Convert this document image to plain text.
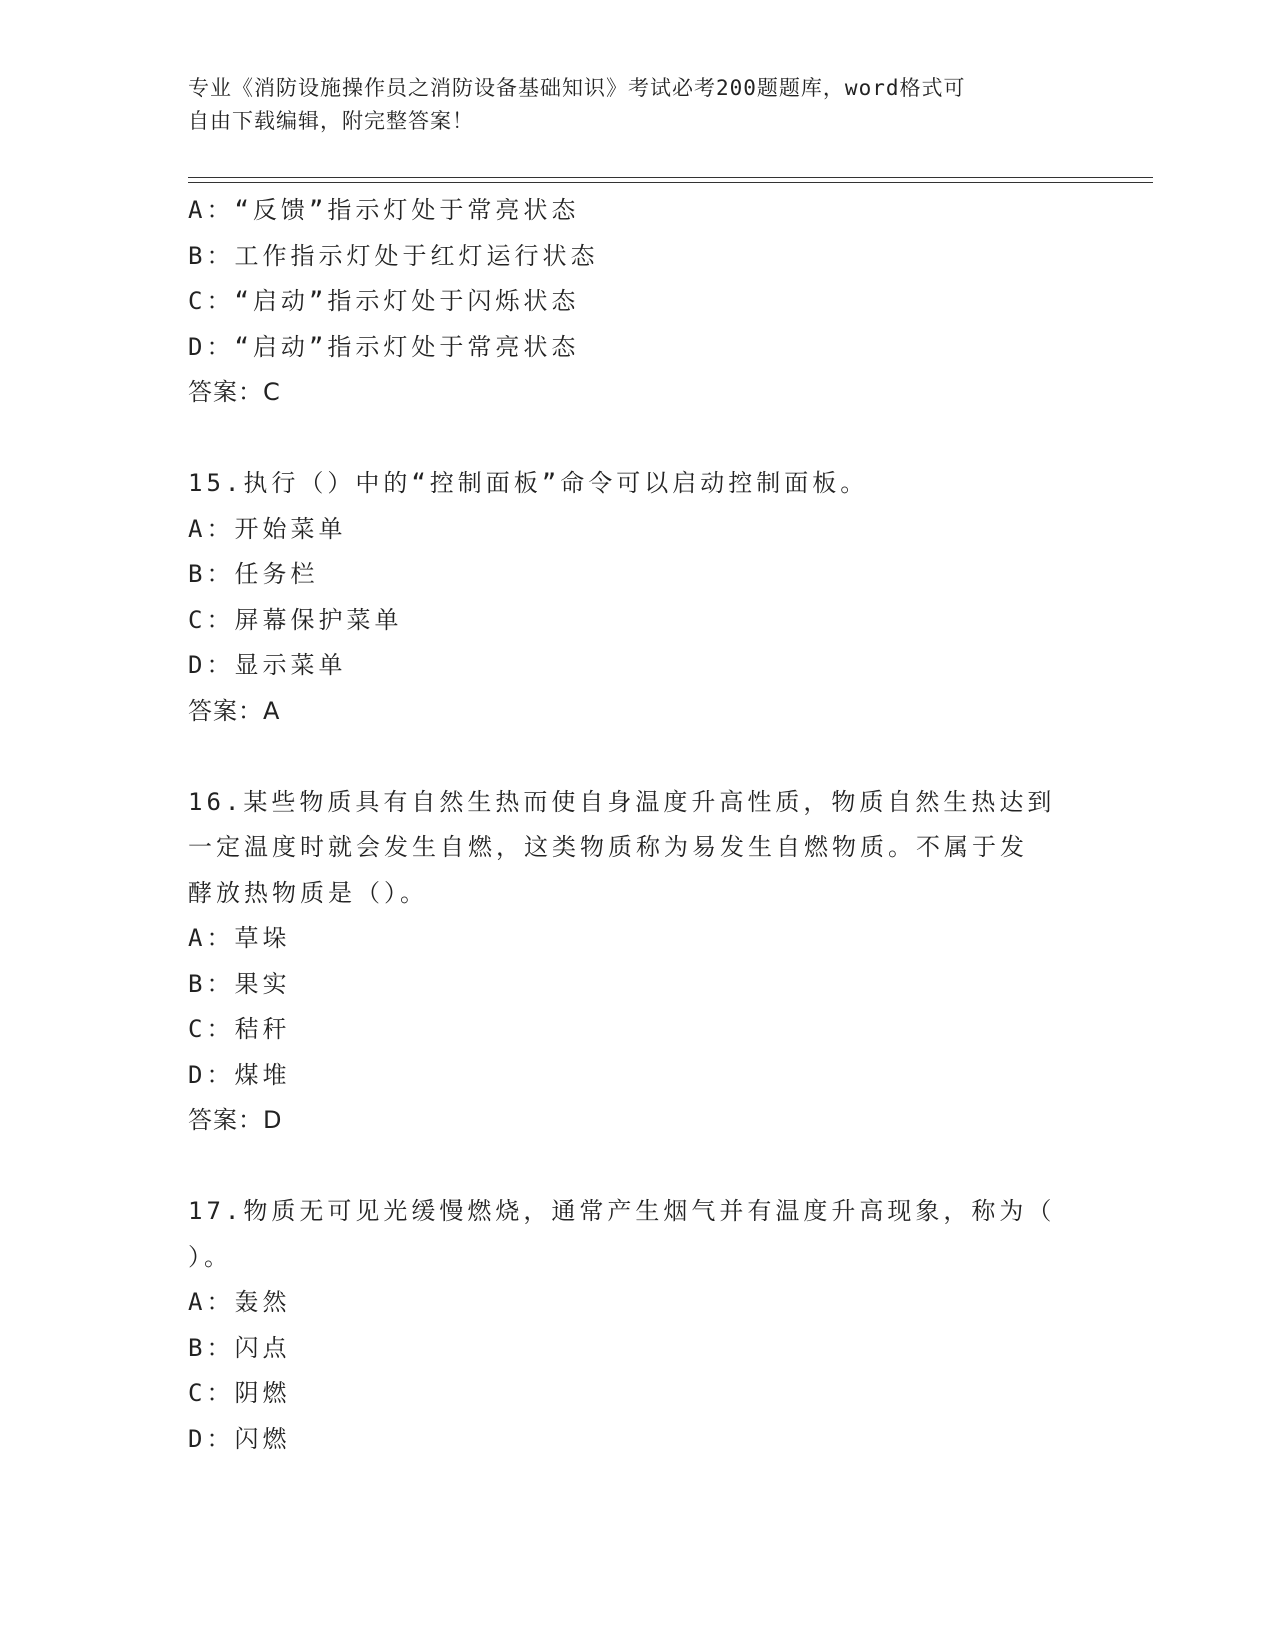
专业《消防设施操作员之消防设备基础知识》考试必考200题题库，word格式可
自由下载编辑，附完整答案！
A：“反馈”指示灯处于常亮状态
B：工作指示灯处于红灯运行状态
C：“启动”指示灯处于闪烁状态
D：“启动”指示灯处于常亮状态
答案：C
15.执行（）中的“控制面板”命令可以启动控制面板。
A：开始菜单
B：任务栏
C：屏幕保护菜单
D：显示菜单
答案：A
16.某些物质具有自然生热而使自身温度升高性质，物质自然生热达到
一定温度时就会发生自燃，这类物质称为易发生自燃物质。不属于发
酵放热物质是（）。
A：草垛
B：果实
C：秸秆
D：煤堆
答案：D
17.物质无可见光缓慢燃烧，通常产生烟气并有温度升高现象，称为（
）。
A：轰然
B：闪点
C：阴燃
D：闪燃
